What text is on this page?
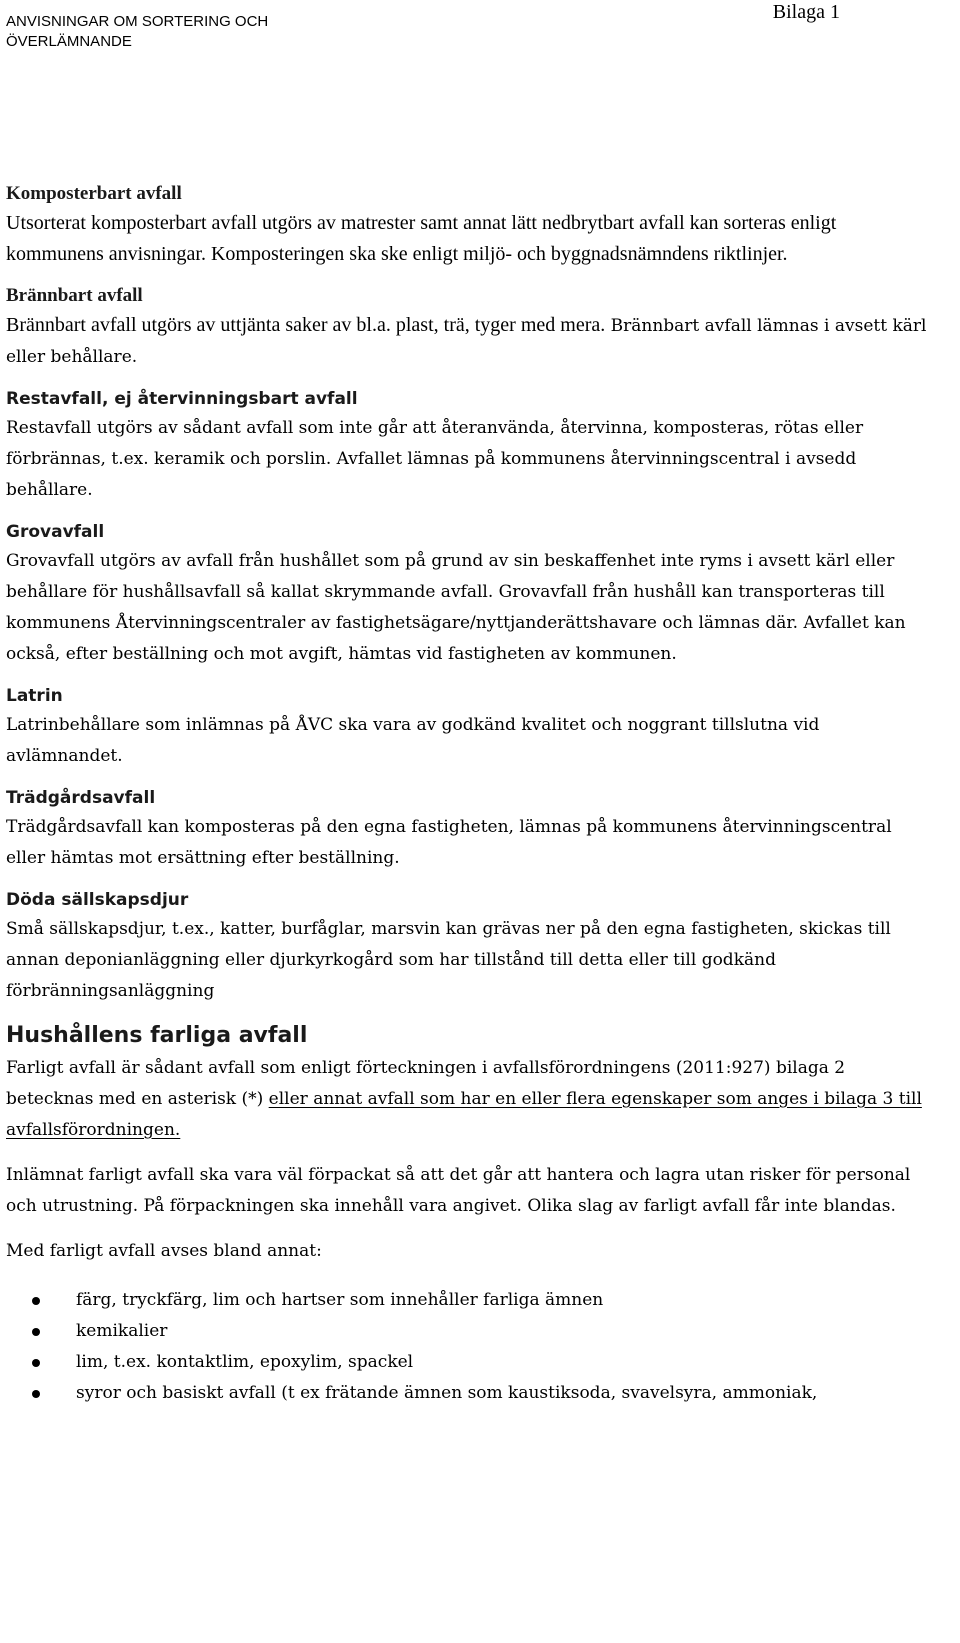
ANVISNINGAR OM SORTERING OCH
ÖVERLÄMNANDE
Bilaga 1
Komposterbart avfall
Utsorterat komposterbart avfall utgörs av matrester samt annat lätt nedbrytbart avfall kan sorteras enligt kommunens anvisningar. Komposteringen ska ske enligt miljö- och byggnadsnämndens riktlinjer.
Brännbart avfall
Brännbart avfall utgörs av uttjänta saker av bl.a. plast, trä, tyger med mera. Brännbart avfall lämnas i avsett kärl eller behållare.
Restavfall, ej återvinningsbart avfall
Restavfall utgörs av sådant avfall som inte går att återanvända, återvinna, komposteras, rötas eller förbrännas, t.ex. keramik och porslin. Avfallet lämnas på kommunens återvinningscentral i avsedd behållare.
Grovavfall
Grovavfall utgörs av avfall från hushållet som på grund av sin beskaffenhet inte ryms i avsett kärl eller behållare för hushållsavfall så kallat skrymmande avfall. Grovavfall från hushåll kan transporteras till kommunens Återvinningscentraler av fastighetsägare/nyttjanderättshavare och lämnas där. Avfallet kan också, efter beställning och mot avgift, hämtas vid fastigheten av kommunen.
Latrin
Latrinbehållare som inlämnas på ÅVC ska vara av godkänd kvalitet och noggrant tillslutna vid avlämnandet.
Trädgårdsavfall
Trädgårdsavfall kan komposteras på den egna fastigheten, lämnas på kommunens återvinningscentral eller hämtas mot ersättning efter beställning.
Döda sällskapsdjur
Små sällskapsdjur, t.ex., katter, burfåglar, marsvin kan grävas ner på den egna fastigheten, skickas till annan deponianläggning eller djurkyrkogård som har tillstånd till detta eller till godkänd förbränningsanläggning
Hushållens farliga avfall
Farligt avfall är sådant avfall som enligt förteckningen i avfallsförordningens (2011:927) bilaga 2 betecknas med en asterisk (*) eller annat avfall som har en eller flera egenskaper som anges i bilaga 3 till avfallsförordningen.
Inlämnat farligt avfall ska vara väl förpackat så att det går att hantera och lagra utan risker för personal och utrustning. På förpackningen ska innehåll vara angivet. Olika slag av farligt avfall får inte blandas.
Med farligt avfall avses bland annat:
färg, tryckfärg, lim och hartser som innehåller farliga ämnen
kemikalier
lim, t.ex. kontaktlim, epoxylim, spackel
syror och basiskt avfall (t ex frätande ämnen som kaustiksoda, svavelsyra, ammoniak,
